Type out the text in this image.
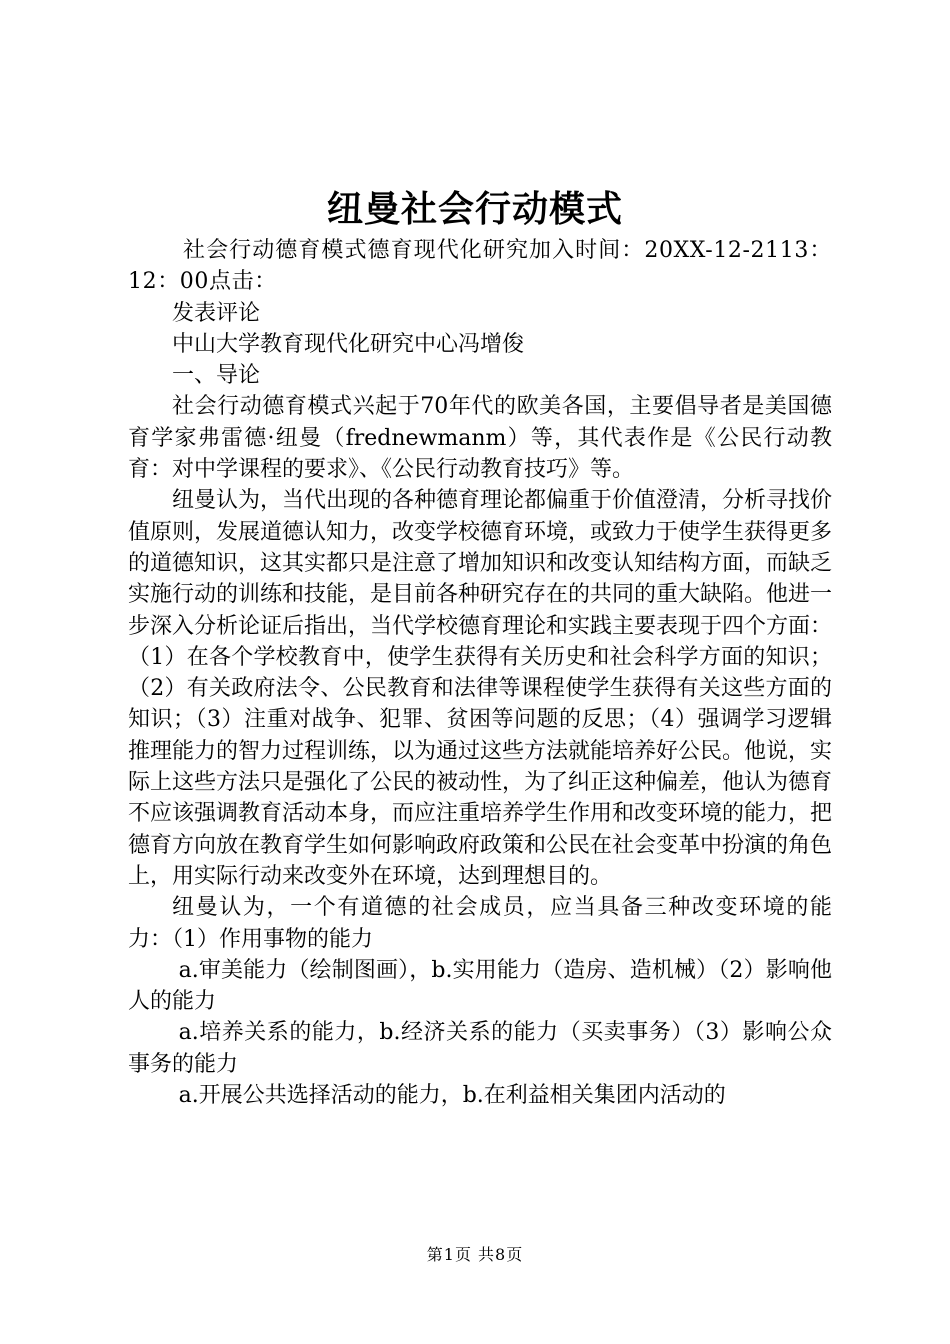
纽曼社会行动模式

社会行动德育模式德育现代化研究加入时间：20XX-12-2113：12：00点击：

发表评论

中山大学教育现代化研究中心冯增俊

一、导论

社会行动德育模式兴起于70年代的欧美各国，主要倡导者是美国德育学家弗雷德·纽曼（frednewmanm）等，其代表作是《公民行动教育：对中学课程的要求》、《公民行动教育技巧》等。

纽曼认为，当代出现的各种德育理论都偏重于价值澄清，分析寻找价值原则，发展道德认知力，改变学校德育环境，或致力于使学生获得更多的道德知识，这其实都只是注意了增加知识和改变认知结构方面，而缺乏实施行动的训练和技能，是目前各种研究存在的共同的重大缺陷。他进一步深入分析论证后指出，当代学校德育理论和实践主要表现于四个方面：（1）在各个学校教育中，使学生获得有关历史和社会科学方面的知识；（2）有关政府法令、公民教育和法律等课程使学生获得有关这些方面的知识；（3）注重对战争、犯罪、贫困等问题的反思；（4）强调学习逻辑推理能力的智力过程训练，以为通过这些方法就能培养好公民。他说，实际上这些方法只是强化了公民的被动性，为了纠正这种偏差，他认为德育不应该强调教育活动本身，而应注重培养学生作用和改变环境的能力，把德育方向放在教育学生如何影响政府政策和公民在社会变革中扮演的角色上，用实际行动来改变外在环境，达到理想目的。

纽曼认为，一个有道德的社会成员，应当具备三种改变环境的能力：（1）作用事物的能力

a.审美能力（绘制图画），b.实用能力（造房、造机械）（2）影响他人的能力

a.培养关系的能力，b.经济关系的能力（买卖事务）（3）影响公众事务的能力

a.开展公共选择活动的能力，b.在利益相关集团内活动的

第1页 共8页
